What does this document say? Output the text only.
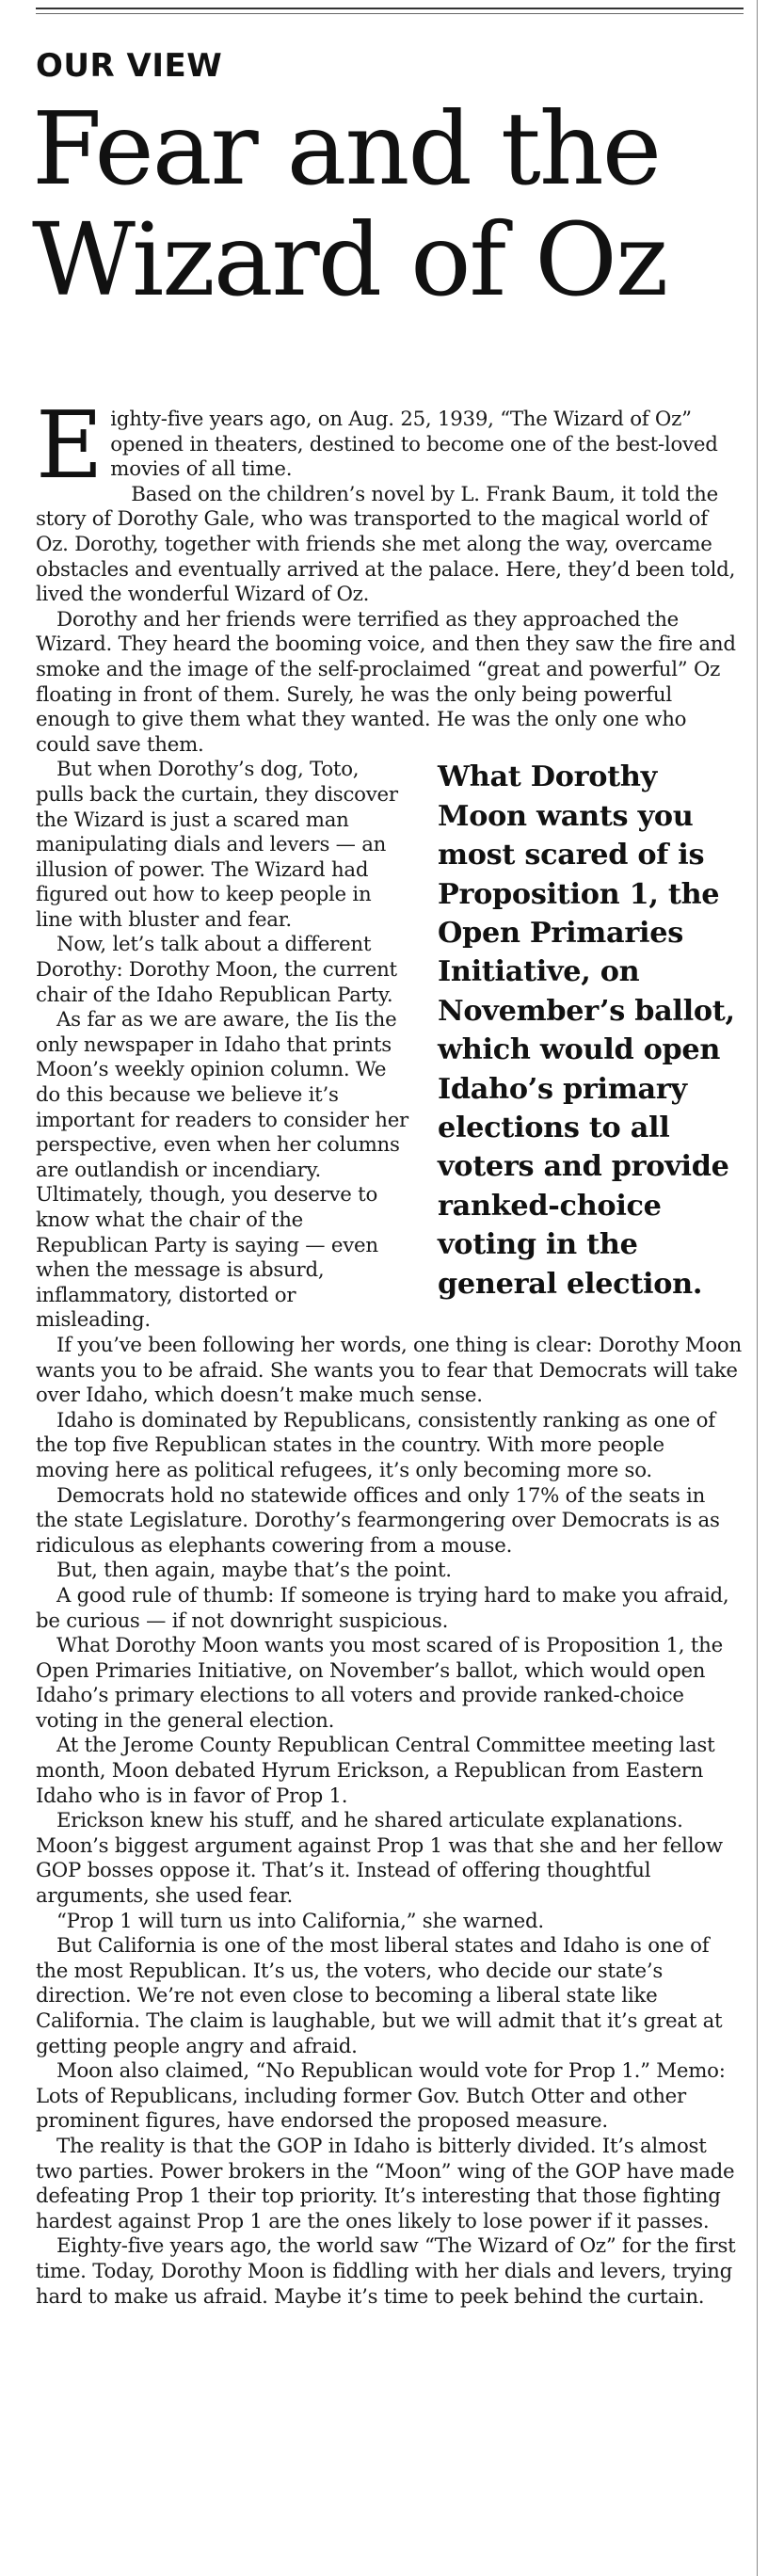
OUR VIEW
Fear and the
Wizard of Oz

Eighty-five years ago, on Aug. 25, 1939, “The Wizard of Oz” opened in theaters, destined to become one of the best-loved movies of all time.

Based on the children’s novel by L. Frank Baum, it told the story of Dorothy Gale, who was transported to the magical world of Oz. Dorothy, together with friends she met along the way, overcame obstacles and eventually arrived at the palace. Here, they’d been told, lived the wonderful Wizard of Oz.

Dorothy and her friends were terrified as they approached the Wizard. They heard the booming voice, and then they saw the fire and smoke and the image of the self-proclaimed “great and powerful” Oz floating in front of them. Surely, he was the only being powerful enough to give them what they wanted. He was the only one who could save them.

What Dorothy Moon wants you most scared of is Proposition 1, the Open Primaries Initiative, on November’s ballot, which would open Idaho’s primary elections to all voters and provide ranked-choice voting in the general election.

But when Dorothy’s dog, Toto, pulls back the curtain, they discover the Wizard is just a scared man manipulating dials and levers — an illusion of power. The Wizard had figured out how to keep people in line with bluster and fear.

Now, let’s talk about a different Dorothy: Dorothy Moon, the current chair of the Idaho Republican Party.

As far as we are aware, the Iis the only newspaper in Idaho that prints Moon’s weekly opinion column. We do this because we believe it’s important for readers to consider her perspective, even when her columns are outlandish or incendiary. Ultimately, though, you deserve to know what the chair of the Republican Party is saying — even when the message is absurd, inflammatory, distorted or misleading.

If you’ve been following her words, one thing is clear: Dorothy Moon wants you to be afraid. She wants you to fear that Democrats will take over Idaho, which doesn’t make much sense.

Idaho is dominated by Republicans, consistently ranking as one of the top five Republican states in the country. With more people moving here as political refugees, it’s only becoming more so.

Democrats hold no statewide offices and only 17% of the seats in the state Legislature. Dorothy’s fearmongering over Democrats is as ridiculous as elephants cowering from a mouse.

But, then again, maybe that’s the point.

A good rule of thumb: If someone is trying hard to make you afraid, be curious — if not downright suspicious.

What Dorothy Moon wants you most scared of is Proposition 1, the Open Primaries Initiative, on November’s ballot, which would open Idaho’s primary elections to all voters and provide ranked-choice voting in the general election.

At the Jerome County Republican Central Committee meeting last month, Moon debated Hyrum Erickson, a Republican from Eastern Idaho who is in favor of Prop 1.

Erickson knew his stuff, and he shared articulate explanations. Moon’s biggest argument against Prop 1 was that she and her fellow GOP bosses oppose it. That’s it. Instead of offering thoughtful arguments, she used fear.

“Prop 1 will turn us into California,” she warned.

But California is one of the most liberal states and Idaho is one of the most Republican. It’s us, the voters, who decide our state’s direction. We’re not even close to becoming a liberal state like California. The claim is laughable, but we will admit that it’s great at getting people angry and afraid.

Moon also claimed, “No Republican would vote for Prop 1.” Memo: Lots of Republicans, including former Gov. Butch Otter and other prominent figures, have endorsed the proposed measure.

The reality is that the GOP in Idaho is bitterly divided. It’s almost two parties. Power brokers in the “Moon” wing of the GOP have made defeating Prop 1 their top priority. It’s interesting that those fighting hardest against Prop 1 are the ones likely to lose power if it passes.

Eighty-five years ago, the world saw “The Wizard of Oz” for the first time. Today, Dorothy Moon is fiddling with her dials and levers, trying hard to make us afraid. Maybe it’s time to peek behind the curtain.
